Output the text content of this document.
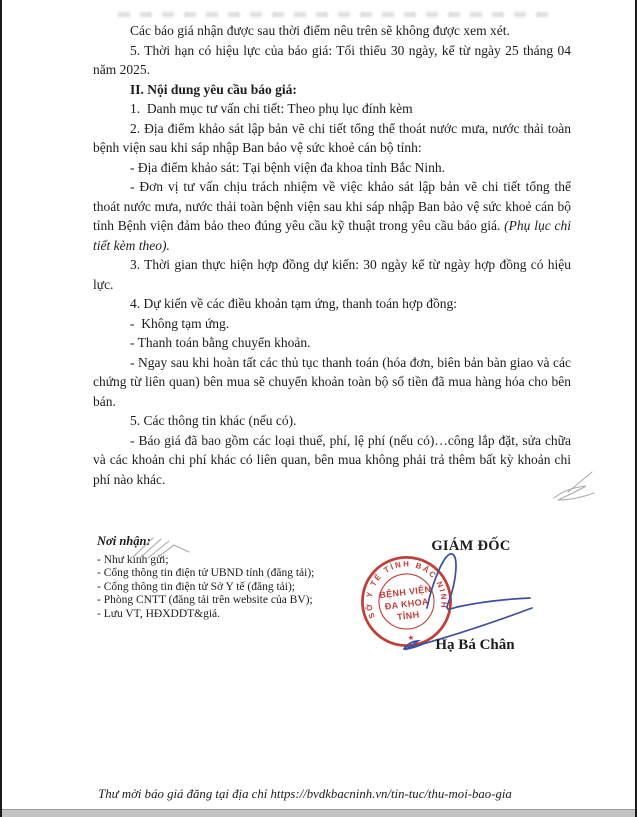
Các báo giá nhận được sau thời điểm nêu trên sẽ không được xem xét.

5. Thời hạn có hiệu lực của báo giá: Tối thiểu 30 ngày, kể từ ngày 25 tháng 04 năm 2025.

II. Nội dung yêu cầu báo giá:

1.  Danh mục tư vấn chi tiết: Theo phụ lục đính kèm

2. Địa điểm khảo sát lập bản vẽ chi tiết tổng thể thoát nước mưa, nước thải toàn bệnh viện sau khi sáp nhập Ban bảo vệ sức khoẻ cán bộ tỉnh:

- Địa điểm khảo sát: Tại bệnh viện đa khoa tỉnh Bắc Ninh.

- Đơn vị tư vấn chịu trách nhiệm về việc khảo sát lập bản vẽ chi tiết tổng thể thoát nước mưa, nước thải toàn bệnh viện sau khi sáp nhập Ban bảo vệ sức khoẻ cán bộ tỉnh Bệnh viện đảm bảo theo đúng yêu cầu kỹ thuật trong yêu cầu báo giá. (Phụ lục chi tiết kèm theo).

3. Thời gian thực hiện hợp đồng dự kiến: 30 ngày kể từ ngày hợp đồng có hiệu lực.

4. Dự kiến về các điều khoản tạm ứng, thanh toán hợp đồng:

-  Không tạm ứng.

- Thanh toán bằng chuyển khoản.

- Ngay sau khi hoàn tất các thủ tục thanh toán (hóa đơn, biên bản bàn giao và các chứng từ liên quan) bên mua sẽ chuyển khoản toàn bộ số tiền đã mua hàng hóa cho bên bán.

5. Các thông tin khác (nếu có).

- Báo giá đã bao gồm các loại thuế, phí, lệ phí (nếu có)…công lắp đặt, sửa chữa và các khoản chi phí khác có liên quan, bên mua không phải trả thêm bất kỳ khoản chi phí nào khác.

Nơi nhận:
- Như kính gửi;
- Cổng thông tin điện tử UBND tỉnh (đăng tải);
- Cổng thông tin điện tử Sở Y tế (đăng tải);
- Phòng CNTT (đăng tải trên website của BV);
- Lưu VT, HĐXDDT&giá.
GIÁM ĐỐC
SỞ Y TẾ TỈNH BẮC NINH
BỆNH VIỆN
ĐA KHOA
TỈNH
★	Hạ Bá Chân
Thư mời báo giá đăng tại địa chỉ https://bvdkbacninh.vn/tin-tuc/thu-moi-bao-gia
